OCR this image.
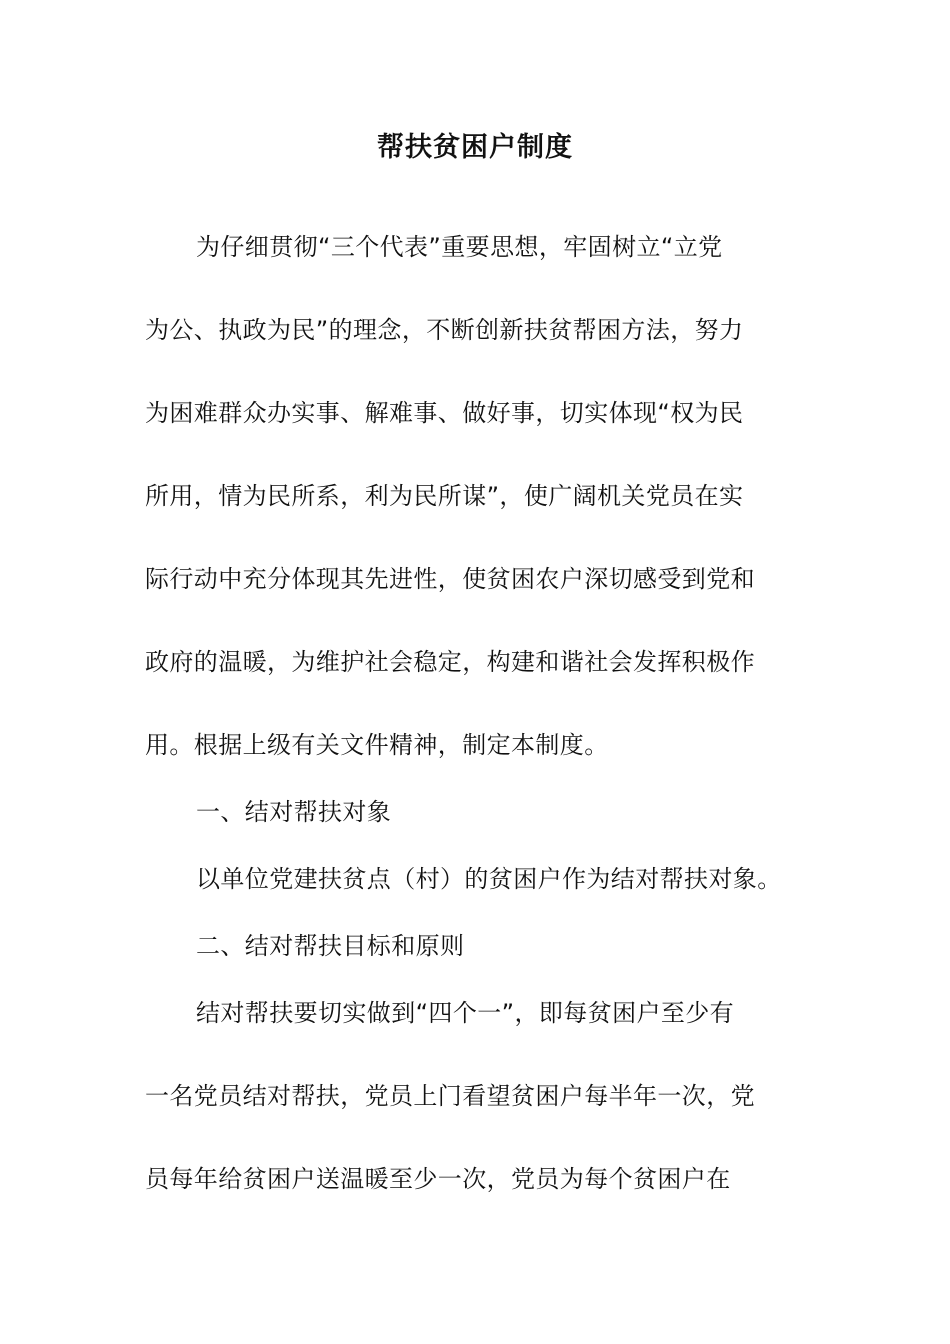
帮扶贫困户制度
为仔细贯彻“三个代表”重要思想，牢固树立“立党
为公、执政为民”的理念，不断创新扶贫帮困方法，努力
为困难群众办实事、解难事、做好事，切实体现“权为民
所用，情为民所系，利为民所谋”，使广阔机关党员在实
际行动中充分体现其先进性，使贫困农户深切感受到党和
政府的温暖，为维护社会稳定，构建和谐社会发挥积极作
用。根据上级有关文件精神，制定本制度。
一、结对帮扶对象
以单位党建扶贫点（村）的贫困户作为结对帮扶对象。
二、结对帮扶目标和原则
结对帮扶要切实做到“四个一”，即每贫困户至少有
一名党员结对帮扶，党员上门看望贫困户每半年一次，党
员每年给贫困户送温暖至少一次，党员为每个贫困户在
